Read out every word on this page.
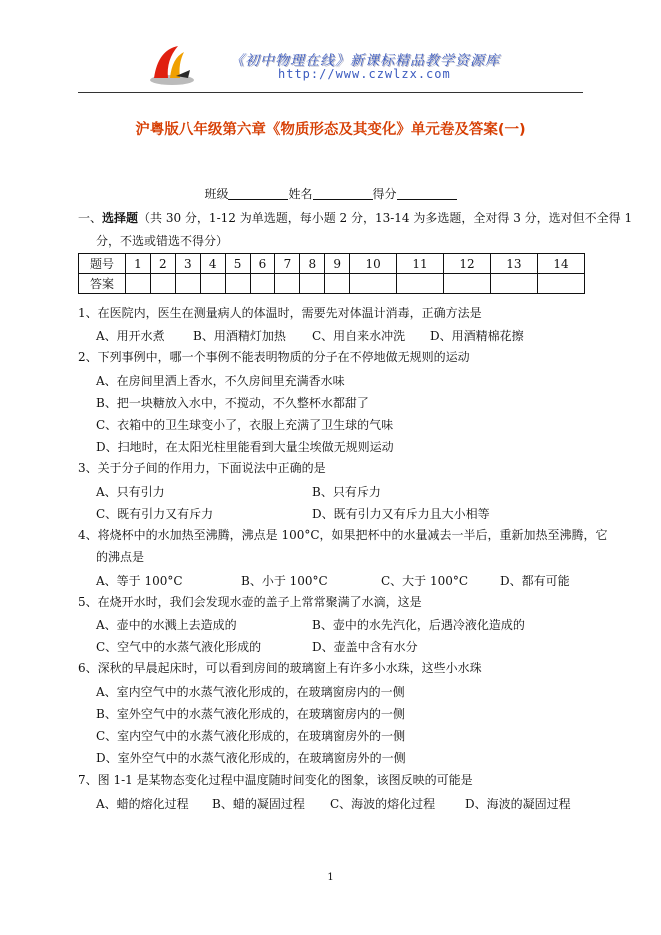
《初中物理在线》新课标精品教学资源库
http://www.czwlzx.com
沪粤版八年级第六章《物质形态及其变化》单元卷及答案(一)
班级	姓名	得分
一、选择题（共 30 分，1-12 为单选题，每小题 2 分，13-14 为多选题，全对得 3 分，选对但不全得 1
分，不选或错选不得分）
题号	1	2	3	4	5	6	7	8	9	10	11	12	13	14
答案														
1、在医院内，医生在测量病人的体温时，需要先对体温计消毒，正确方法是
A、用开水煮 B、用酒精灯加热 C、用自来水冲洗 D、用酒精棉花擦
2、下列事例中，哪一个事例不能表明物质的分子在不停地做无规则的运动
A、在房间里洒上香水，不久房间里充满香水味
B、把一块糖放入水中，不搅动，不久整杯水都甜了
C、衣箱中的卫生球变小了，衣服上充满了卫生球的气味
D、扫地时，在太阳光柱里能看到大量尘埃做无规则运动
3、关于分子间的作用力，下面说法中正确的是
A、只有引力	B、只有斥力
C、既有引力又有斥力	D、既有引力又有斥力且大小相等
4、将烧杯中的水加热至沸腾，沸点是 100°C，如果把杯中的水量减去一半后，重新加热至沸腾，它
的沸点是
A、等于 100°C	B、小于 100°C	C、大于 100°C	D、都有可能
5、在烧开水时，我们会发现水壶的盖子上常常聚满了水滴，这是
A、壶中的水溅上去造成的	B、壶中的水先汽化，后遇冷液化造成的
C、空气中的水蒸气液化形成的	D、壶盖中含有水分
6、深秋的早晨起床时，可以看到房间的玻璃窗上有许多小水珠，这些小水珠
A、室内空气中的水蒸气液化形成的，在玻璃窗房内的一侧
B、室外空气中的水蒸气液化形成的，在玻璃窗房内的一侧
C、室内空气中的水蒸气液化形成的，在玻璃窗房外的一侧
D、室外空气中的水蒸气液化形成的，在玻璃窗房外的一侧
7、图 1-1 是某物态变化过程中温度随时间变化的图象，该图反映的可能是
A、蜡的熔化过程 B、蜡的凝固过程 C、海波的熔化过程 D、海波的凝固过程
1
